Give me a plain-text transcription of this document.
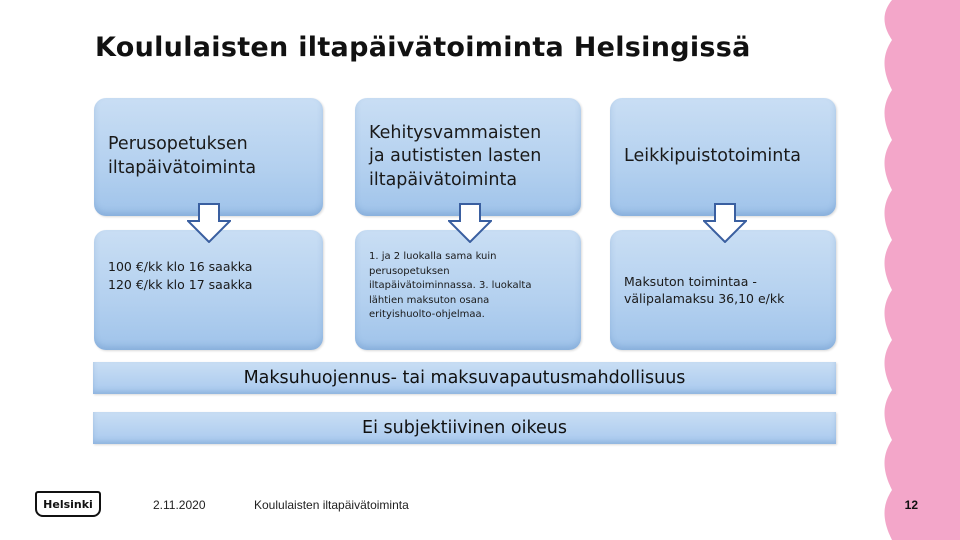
Koululaisten iltapäivätoiminta Helsingissä
Perusopetuksen
iltapäivätoiminta
100 €/kk klo 16 saakka
120 €/kk klo 17 saakka
Kehitysvammaisten
ja autististen lasten
iltapäivätoiminta
1. ja 2 luokalla sama kuin
perusopetuksen
iltapäivätoiminnassa. 3. luokalta
lähtien maksuton osana
erityishuolto-ohjelmaa.
Leikkipuistotoiminta
Maksuton toimintaa -
välipalamaksu 36,10 e/kk
Maksuhuojennus- tai maksuvapautusmahdollisuus
Ei subjektiivinen oikeus
Helsinki	2.11.2020	Koululaisten iltapäivätoiminta	12
